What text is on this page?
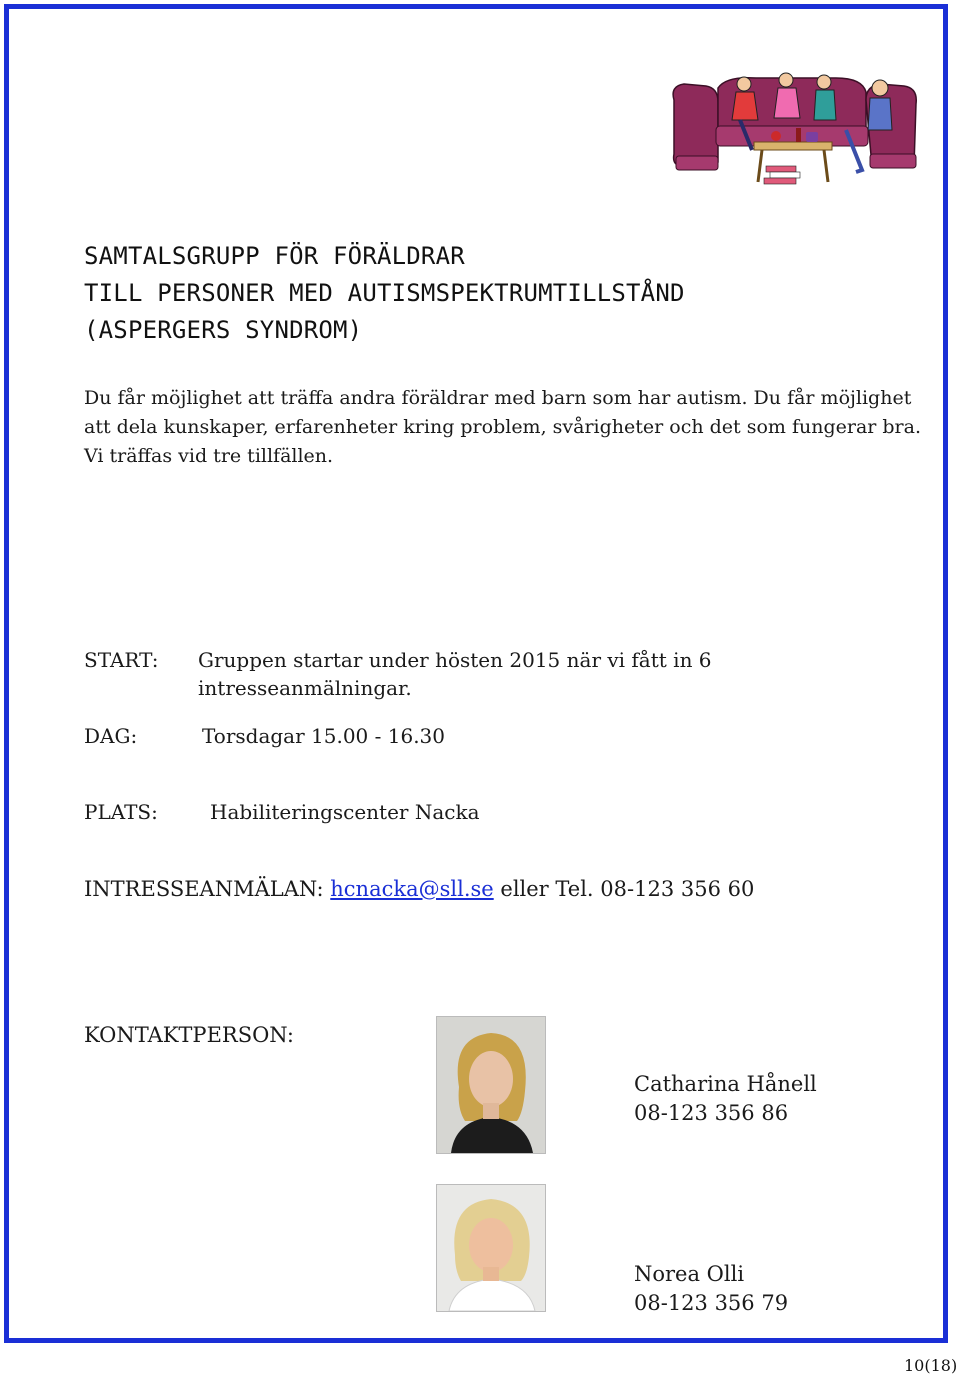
SAMTALSGRUPP FÖR FÖRÄLDRAR
TILL PERSONER MED AUTISMSPEKTRUMTILLSTÅND
(ASPERGERS SYNDROM)

Du får möjlighet att träffa andra föräldrar med barn som har autism. Du får möjlighet att dela kunskaper, erfarenheter kring problem, svårigheter och det som fungerar bra.

Vi träffas vid tre tillfällen.

START: Gruppen startar under hösten 2015 när vi fått in 6
intresseanmälningar.
DAG:	Torsdagar 15.00 - 16.30
PLATS:	Habiliteringscenter Nacka
INTRESSEANMÄLAN: hcnacka@sll.se eller Tel. 08-123 356 60
KONTAKTPERSON:
Catharina Hånell
08-123 356 86
Norea Olli
08-123 356 79
10(18)
